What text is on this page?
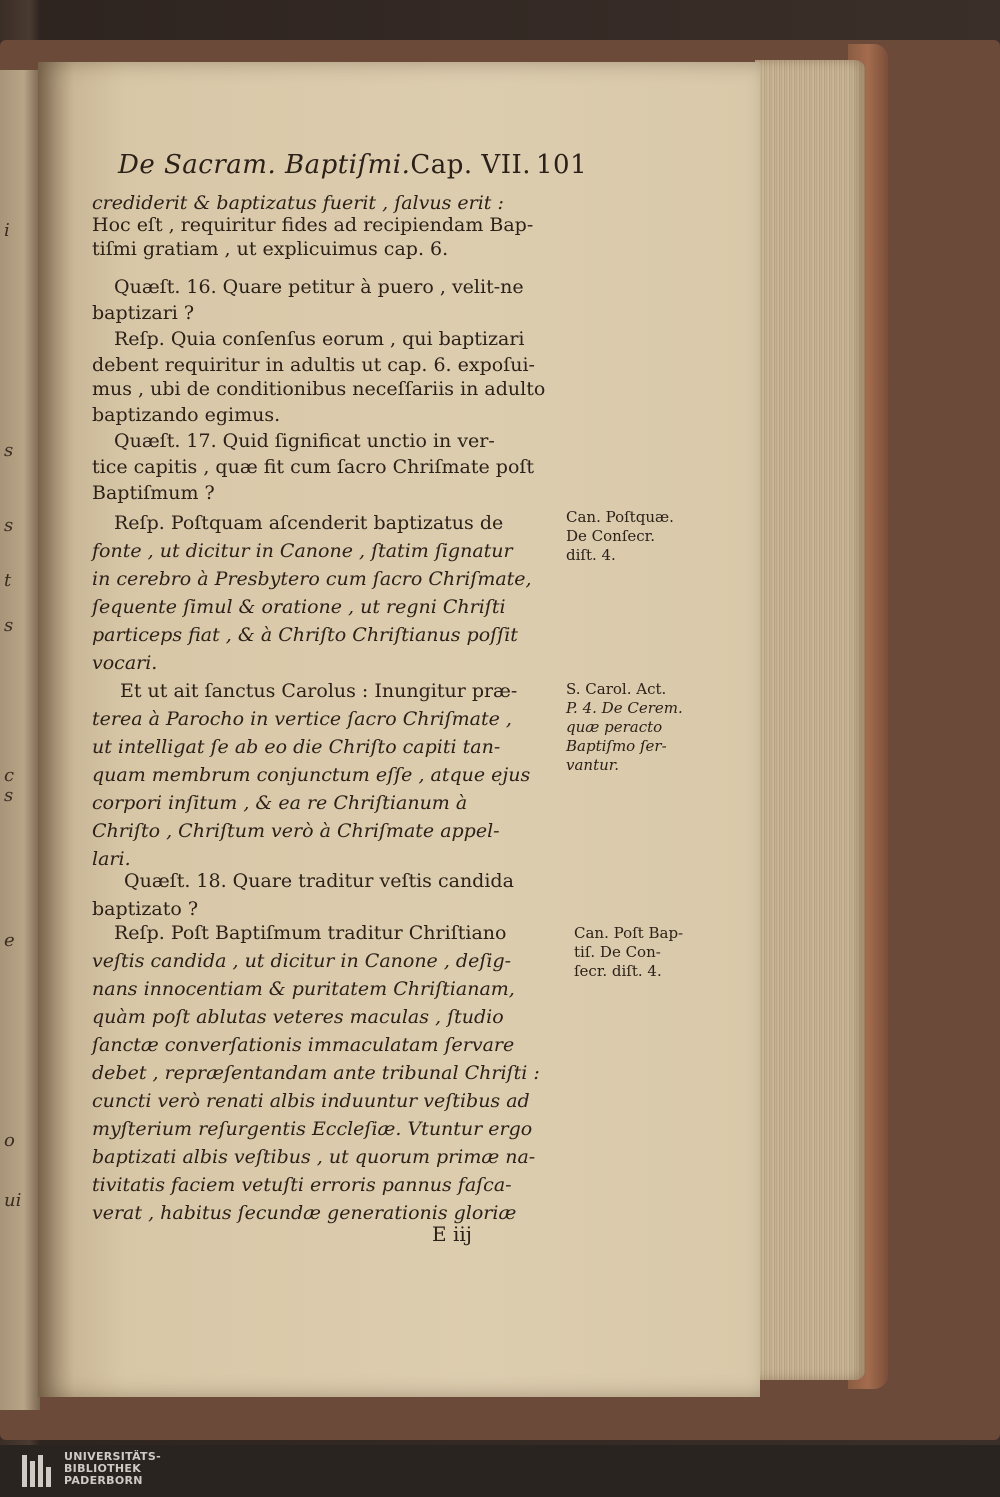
i
s
s
t
s
c
s
e
o
ui
De Sacram. Baptiſmi.Cap. VII. 101
crediderit & baptizatus fuerit , ſalvus erit :
Hoc eſt , requiritur fides ad recipiendam Bap-
tiſmi gratiam , ut explicuimus cap. 6.
Quæſt. 16. Quare petitur à puero , velit-ne
baptizari ?
Reſp. Quia conſenſus eorum , qui baptizari
debent requiritur in adultis ut cap. 6. expoſui-
mus , ubi de conditionibus neceſſariis in adulto
baptizando egimus.
Quæſt. 17. Quid ſignificat unctio in ver-
tice capitis , quæ fit cum ſacro Chriſmate poſt
Baptiſmum ?
Reſp. Poſtquam aſcenderit baptizatus de
fonte , ut dicitur in Canone , ſtatim ſignatur
in cerebro à Presbytero cum ſacro Chriſmate,
ſequente ſimul & oratione , ut regni Chriſti
particeps fiat , & à Chriſto Chriſtianus poſſit
vocari.
Et ut ait ſanctus Carolus : Inungitur præ-
terea à Parocho in vertice ſacro Chriſmate ,
ut intelligat ſe ab eo die Chriſto capiti tan-
quam membrum conjunctum eſſe , atque ejus
corpori inſitum , & ea re Chriſtianum à
Chriſto , Chriſtum verò à Chriſmate appel-
lari.
Quæſt. 18. Quare traditur veſtis candida
baptizato ?
Reſp. Poſt Baptiſmum traditur Chriſtiano
veſtis candida , ut dicitur in Canone , deſig-
nans innocentiam & puritatem Chriſtianam,
quàm poſt ablutas veteres maculas , ſtudio
ſanctæ converſationis immaculatam ſervare
debet , repræſentandam ante tribunal Chriſti :
cuncti verò renati albis induuntur veſtibus ad
myſterium reſurgentis Eccleſiæ. Vtuntur ergo
baptizati albis veſtibus , ut quorum primæ na-
tivitatis faciem vetuſti erroris pannus faſca-
verat , habitus ſecundæ generationis gloriæ
Can. Poſtquæ.
De Conſecr.
diſt. 4.
S. Carol. Act.
P. 4. De Cerem.
quæ peracto
Baptiſmo ſer-
vantur.
Can. Poſt Bap-
tiſ. De Con-
ſecr. diſt. 4.
E iij
UNIVERSITÄTS-
BIBLIOTHEK
PADERBORN
